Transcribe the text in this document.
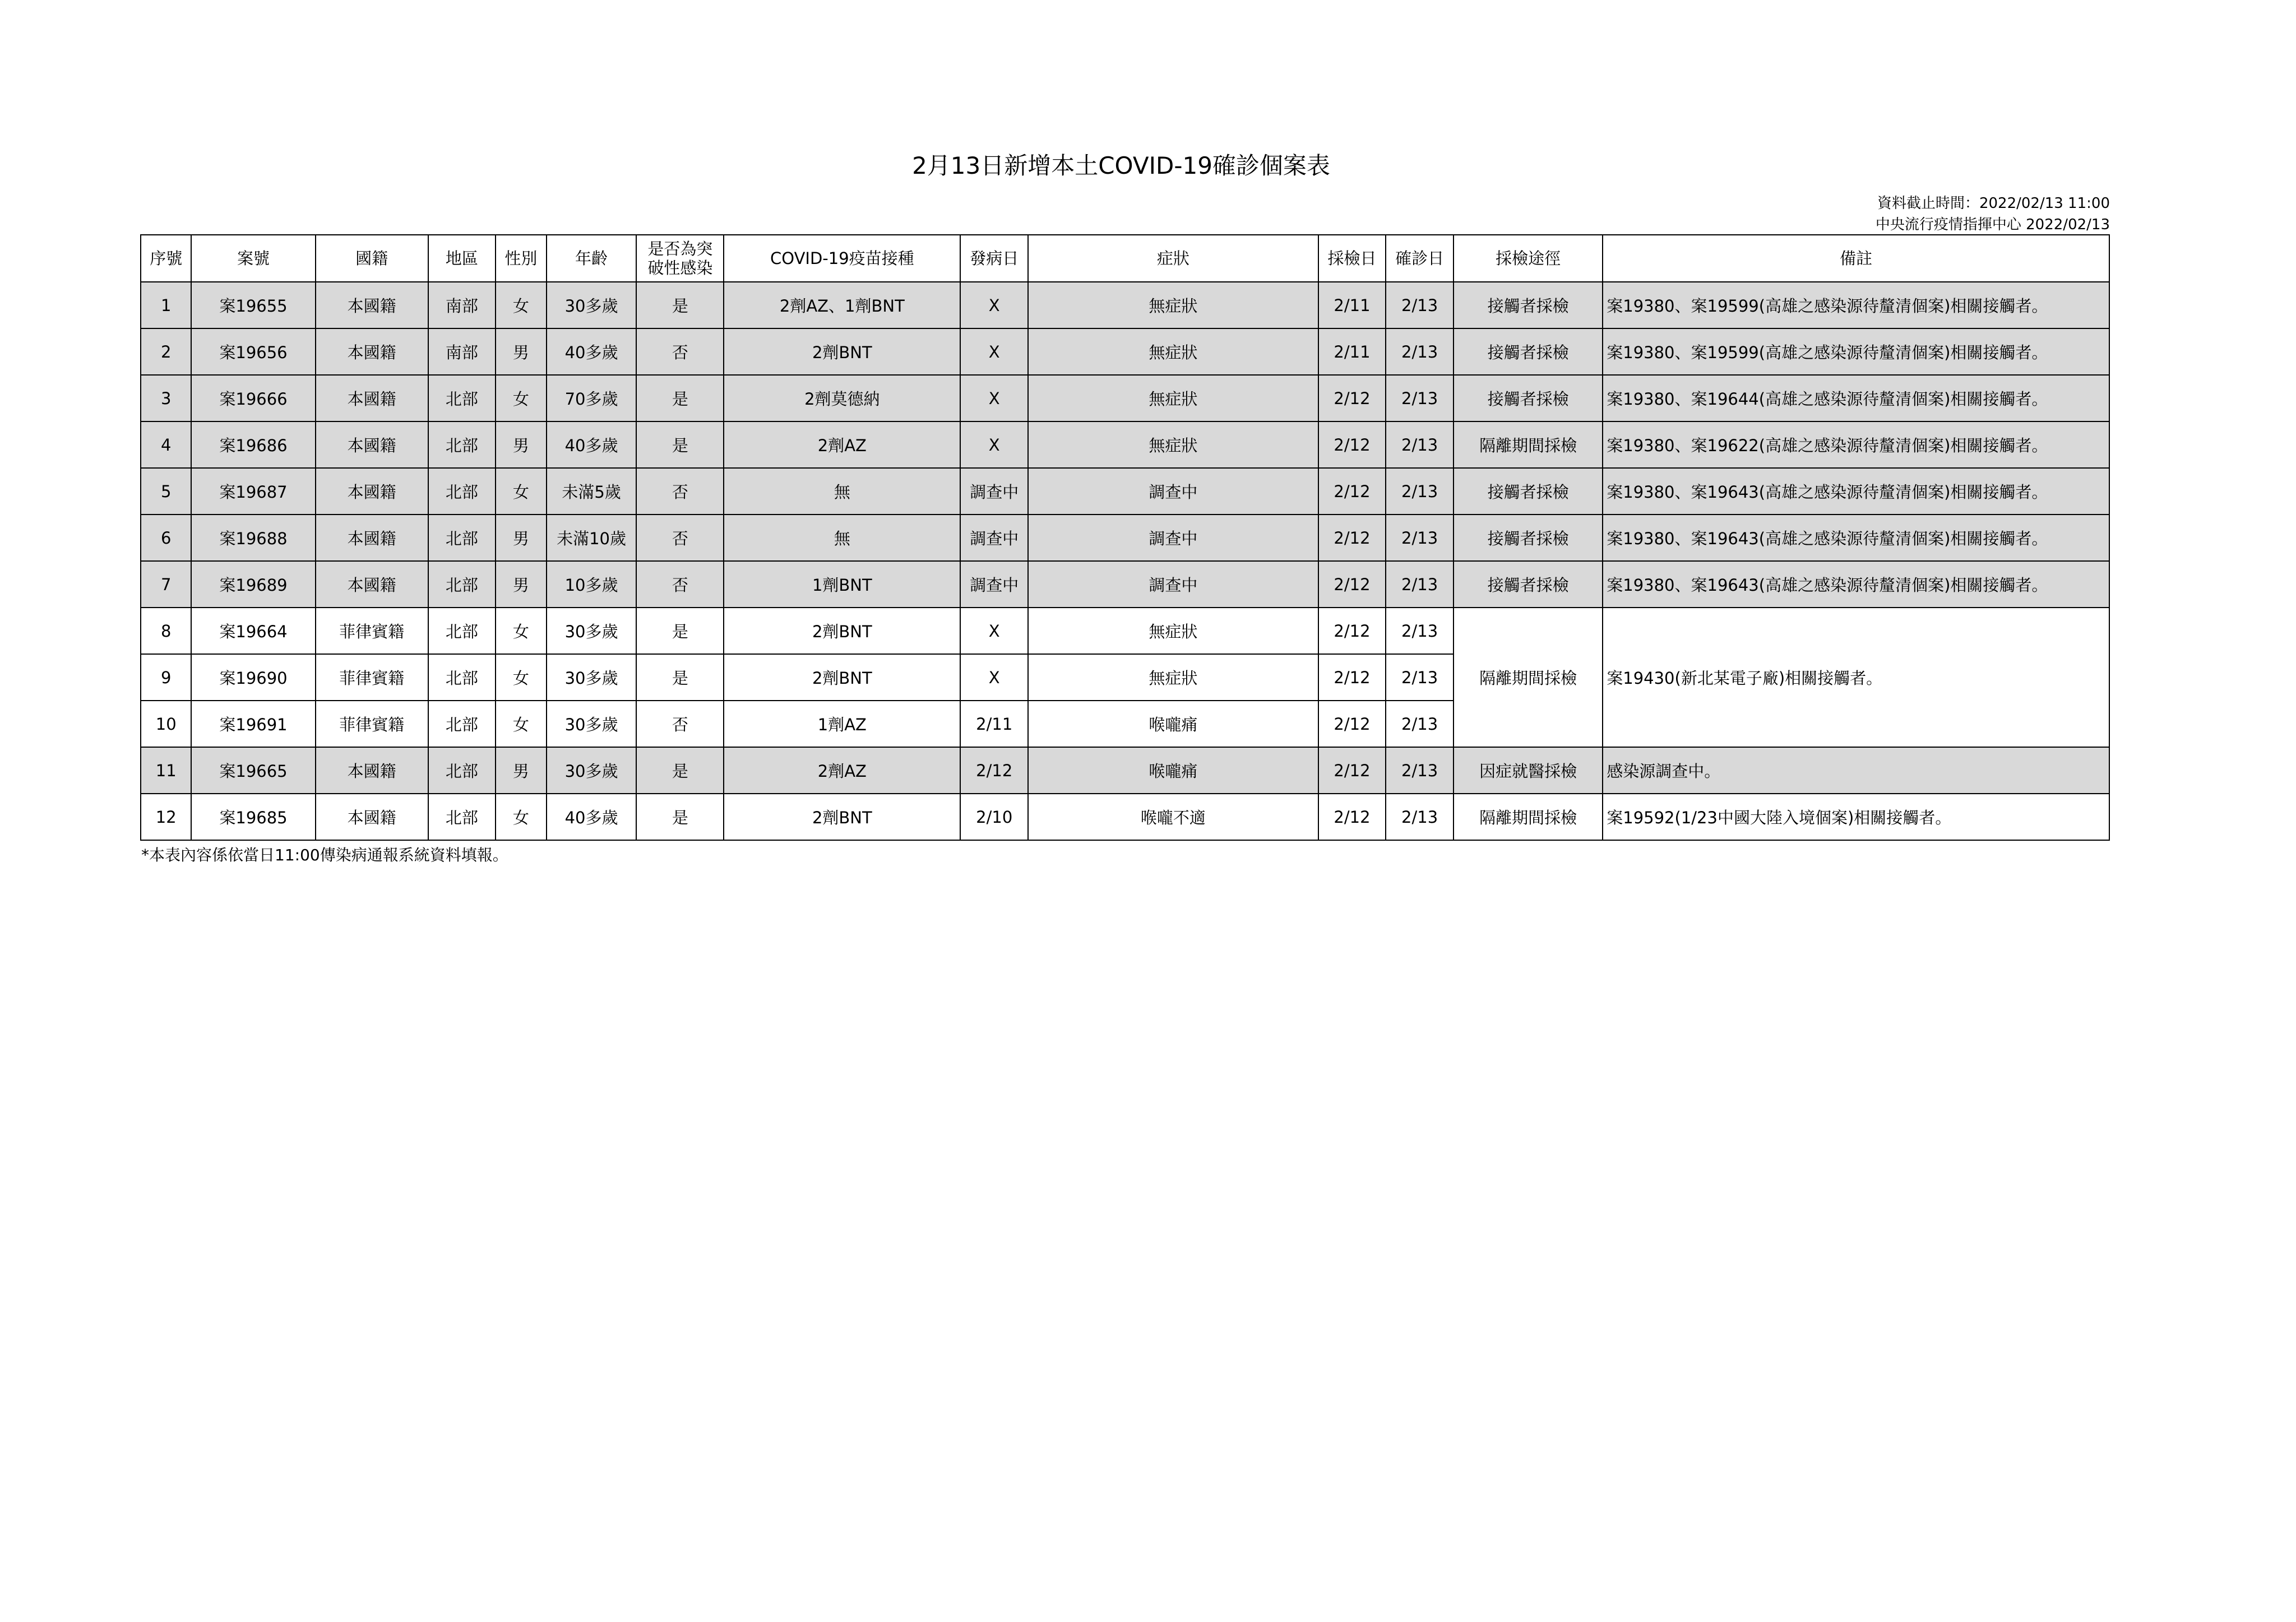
2月13日新增本土COVID-19確診個案表
資料截止時間：2022/02/13 11:00
中央流行疫情指揮中心 2022/02/13
序號	案號	國籍	地區	性別	年齡	是否為突
破性感染	COVID-19疫苗接種	發病日	症狀	採檢日	確診日	採檢途徑	備註
1	案19655	本國籍	南部	女	30多歲	是	2劑AZ、1劑BNT	X	無症狀	2/11	2/13	接觸者採檢	案19380、案19599(高雄之感染源待釐清個案)相關接觸者。
2	案19656	本國籍	南部	男	40多歲	否	2劑BNT	X	無症狀	2/11	2/13	接觸者採檢	案19380、案19599(高雄之感染源待釐清個案)相關接觸者。
3	案19666	本國籍	北部	女	70多歲	是	2劑莫德納	X	無症狀	2/12	2/13	接觸者採檢	案19380、案19644(高雄之感染源待釐清個案)相關接觸者。
4	案19686	本國籍	北部	男	40多歲	是	2劑AZ	X	無症狀	2/12	2/13	隔離期間採檢	案19380、案19622(高雄之感染源待釐清個案)相關接觸者。
5	案19687	本國籍	北部	女	未滿5歲	否	無	調查中	調查中	2/12	2/13	接觸者採檢	案19380、案19643(高雄之感染源待釐清個案)相關接觸者。
6	案19688	本國籍	北部	男	未滿10歲	否	無	調查中	調查中	2/12	2/13	接觸者採檢	案19380、案19643(高雄之感染源待釐清個案)相關接觸者。
7	案19689	本國籍	北部	男	10多歲	否	1劑BNT	調查中	調查中	2/12	2/13	接觸者採檢	案19380、案19643(高雄之感染源待釐清個案)相關接觸者。
8	案19664	菲律賓籍	北部	女	30多歲	是	2劑BNT	X	無症狀	2/12	2/13	隔離期間採檢	案19430(新北某電子廠)相關接觸者。
9	案19690	菲律賓籍	北部	女	30多歲	是	2劑BNT	X	無症狀	2/12	2/13		
10	案19691	菲律賓籍	北部	女	30多歲	否	1劑AZ	2/11	喉嚨痛	2/12	2/13		
11	案19665	本國籍	北部	男	30多歲	是	2劑AZ	2/12	喉嚨痛	2/12	2/13	因症就醫採檢	感染源調查中。
12	案19685	本國籍	北部	女	40多歲	是	2劑BNT	2/10	喉嚨不適	2/12	2/13	隔離期間採檢	案19592(1/23中國大陸入境個案)相關接觸者。
*本表內容係依當日11:00傳染病通報系統資料填報。
